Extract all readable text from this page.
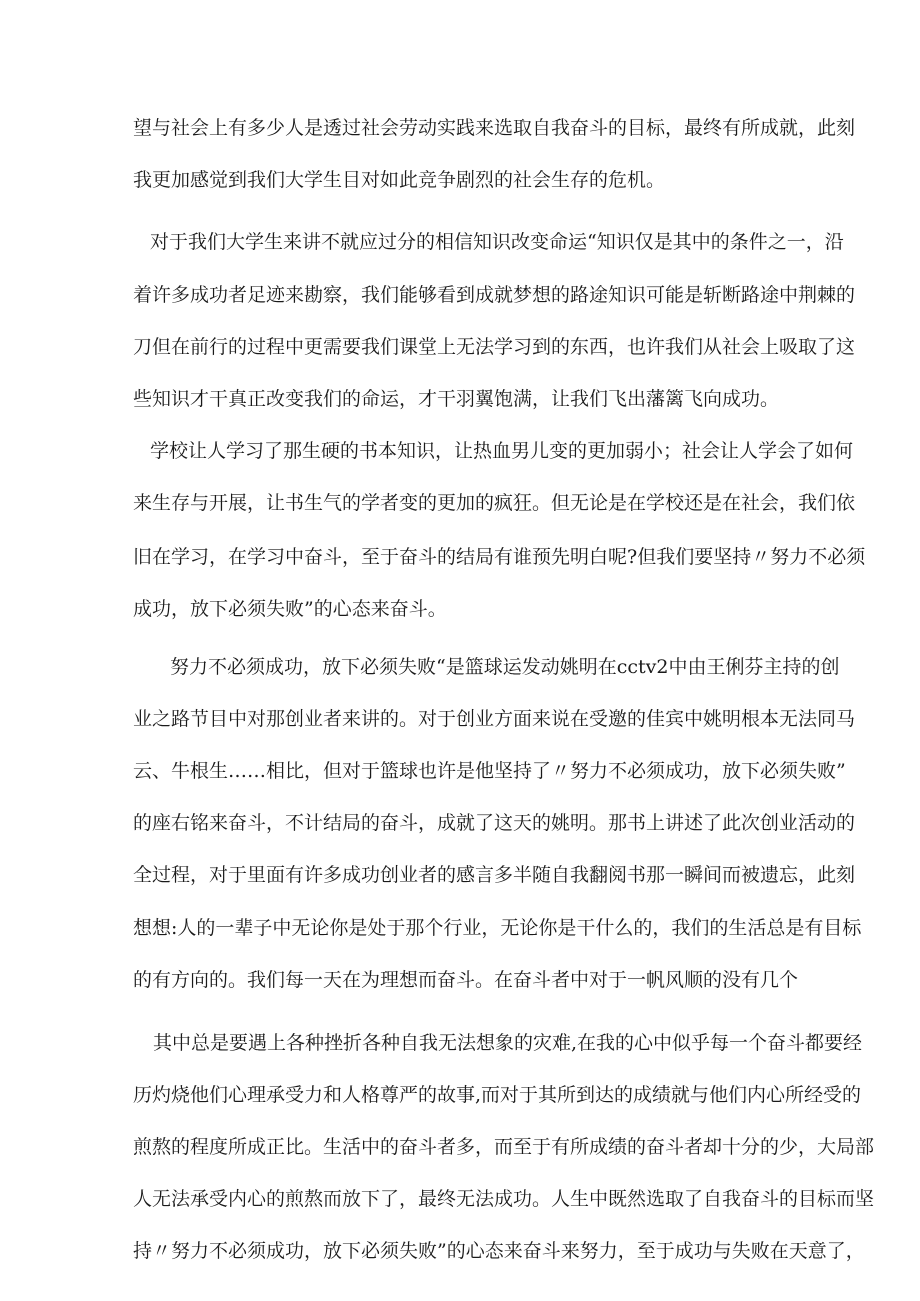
望与社会上有多少人是透过社会劳动实践来选取自我奋斗的目标，最终有所成就，此刻
我更加感觉到我们大学生目对如此竞争剧烈的社会生存的危机。
对于我们大学生来讲不就应过分的相信知识改变命运“知识仅是其中的条件之一，沿
着许多成功者足迹来勘察，我们能够看到成就梦想的路途知识可能是斩断路途中荆棘的
刀但在前行的过程中更需要我们课堂上无法学习到的东西，也许我们从社会上吸取了这
些知识才干真正改变我们的命运，才干羽翼饱满，让我们飞出藩篱飞向成功。
学校让人学习了那生硬的书本知识，让热血男儿变的更加弱小；社会让人学会了如何
来生存与开展，让书生气的学者变的更加的疯狂。但无论是在学校还是在社会，我们依
旧在学习，在学习中奋斗，至于奋斗的结局有谁预先明白呢?但我们要坚持〃努力不必须
成功，放下必须失败”的心态来奋斗。
努力不必须成功，放下必须失败“是篮球运发动姚明在cctv2中由王俐芬主持的创
业之路节目中对那创业者来讲的。对于创业方面来说在受邀的佳宾中姚明根本无法同马
云、牛根生……相比，但对于篮球也许是他坚持了〃努力不必须成功，放下必须失败”
的座右铭来奋斗，不计结局的奋斗，成就了这天的姚明。那书上讲述了此次创业活动的
全过程，对于里面有许多成功创业者的感言多半随自我翻阅书那一瞬间而被遗忘，此刻
想想:人的一辈子中无论你是处于那个行业，无论你是干什么的，我们的生活总是有目标
的有方向的。我们每一天在为理想而奋斗。在奋斗者中对于一帆风顺的没有几个
其中总是要遇上各种挫折各种自我无法想象的灾难,在我的心中似乎每一个奋斗都要经
历灼烧他们心理承受力和人格尊严的故事,而对于其所到达的成绩就与他们内心所经受的
煎熬的程度所成正比。生活中的奋斗者多，而至于有所成绩的奋斗者却十分的少，大局部
人无法承受内心的煎熬而放下了，最终无法成功。人生中既然选取了自我奋斗的目标而坚
持〃努力不必须成功，放下必须失败”的心态来奋斗来努力，至于成功与失败在天意了，
